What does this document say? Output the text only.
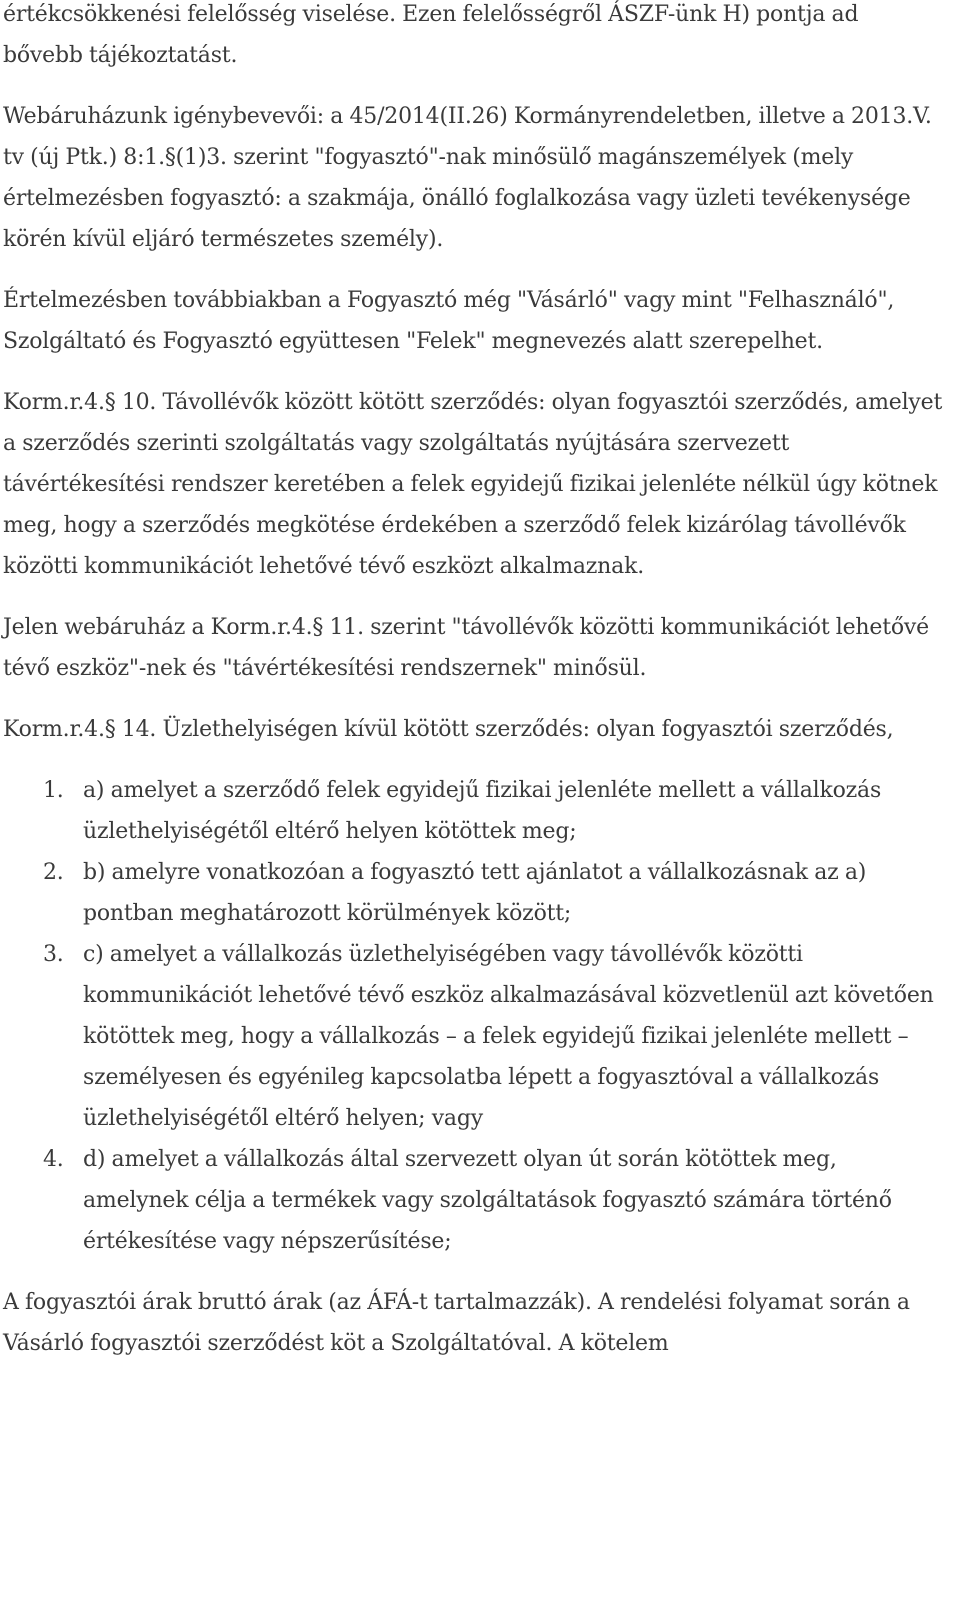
értékcsökkenési felelősség viselése. Ezen felelősségről ÁSZF-ünk H) pontja ad bővebb tájékoztatást.

Webáruházunk igénybevevői: a 45/2014(II.26) Kormányrendeletben, illetve a 2013.V. tv (új Ptk.) 8:1.§(1)3. szerint "fogyasztó"-nak minősülő magánszemélyek (mely értelmezésben fogyasztó: a szakmája, önálló foglalkozása vagy üzleti tevékenysége körén kívül eljáró természetes személy).

Értelmezésben továbbiakban a Fogyasztó még "Vásárló" vagy mint "Felhasználó", Szolgáltató és Fogyasztó együttesen "Felek" megnevezés alatt szerepelhet.

Korm.r.4.§ 10. Távollévők között kötött szerződés: olyan fogyasztói szerződés, amelyet a szerződés szerinti szolgáltatás vagy szolgáltatás nyújtására szervezett távértékesítési rendszer keretében a felek egyidejű fizikai jelenléte nélkül úgy kötnek meg, hogy a szerződés megkötése érdekében a szerződő felek kizárólag távollévők közötti kommunikációt lehetővé tévő eszközt alkalmaznak.

Jelen webáruház a Korm.r.4.§ 11. szerint "távollévők közötti kommunikációt lehetővé tévő eszköz"-nek és "távértékesítési rendszernek" minősül.

Korm.r.4.§ 14. Üzlethelyiségen kívül kötött szerződés: olyan fogyasztói szerződés,

1. a) amelyet a szerződő felek egyidejű fizikai jelenléte mellett a vállalkozás üzlethelyiségétől eltérő helyen kötöttek meg;
2. b) amelyre vonatkozóan a fogyasztó tett ajánlatot a vállalkozásnak az a) pontban meghatározott körülmények között;
3. c) amelyet a vállalkozás üzlethelyiségében vagy távollévők közötti kommunikációt lehetővé tévő eszköz alkalmazásával közvetlenül azt követően kötöttek meg, hogy a vállalkozás – a felek egyidejű fizikai jelenléte mellett – személyesen és egyénileg kapcsolatba lépett a fogyasztóval a vállalkozás üzlethelyiségétől eltérő helyen; vagy
4. d) amelyet a vállalkozás által szervezett olyan út során kötöttek meg, amelynek célja a termékek vagy szolgáltatások fogyasztó számára történő értékesítése vagy népszerűsítése;

A fogyasztói árak bruttó árak (az ÁFÁ-t tartalmazzák). A rendelési folyamat során a Vásárló fogyasztói szerződést köt a Szolgáltatóval. A kötelem
